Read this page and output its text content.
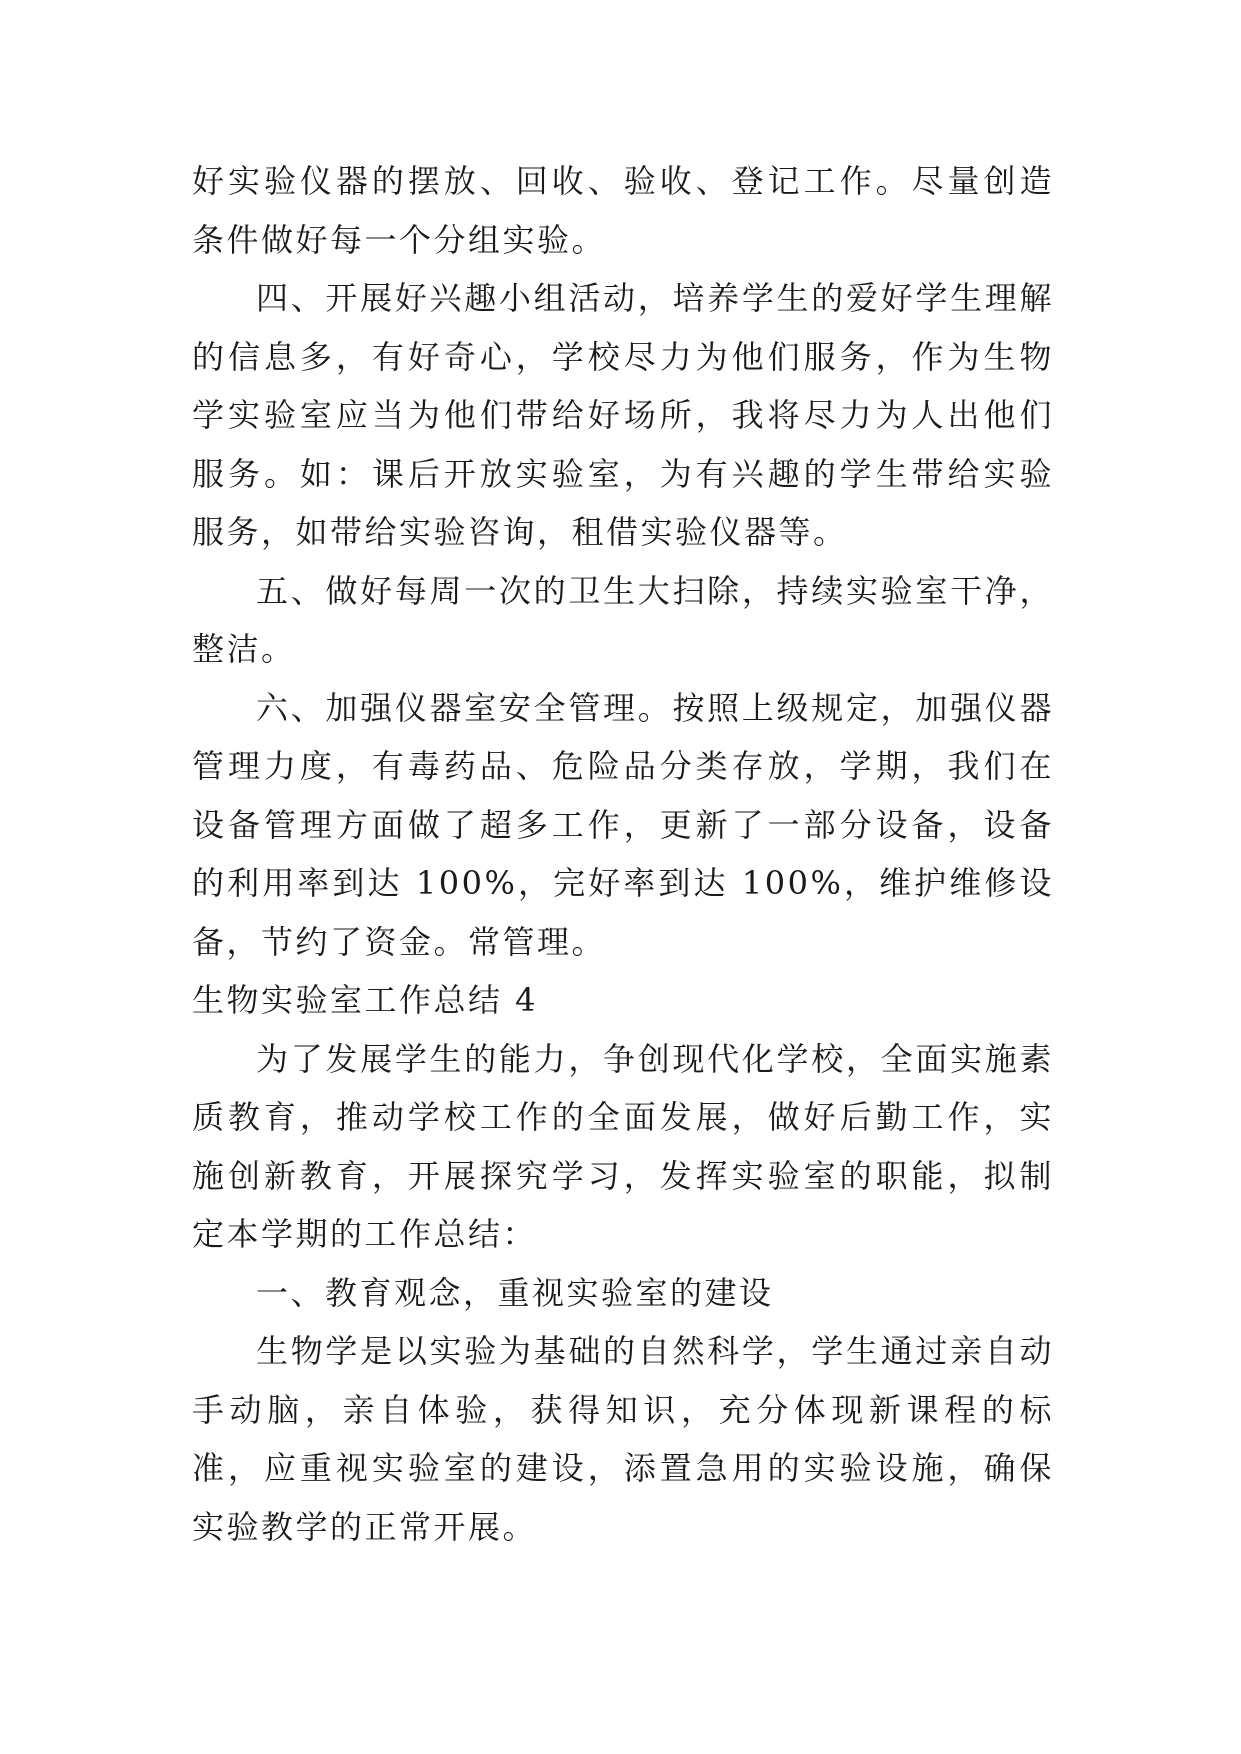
好实验仪器的摆放、回收、验收、登记工作。尽量创造条件做好每一个分组实验。

四、开展好兴趣小组活动，培养学生的爱好学生理解的信息多，有好奇心，学校尽力为他们服务，作为生物学实验室应当为他们带给好场所，我将尽力为人出他们服务。如：课后开放实验室，为有兴趣的学生带给实验服务，如带给实验咨询，租借实验仪器等。

五、做好每周一次的卫生大扫除，持续实验室干净，整洁。

六、加强仪器室安全管理。按照上级规定，加强仪器管理力度，有毒药品、危险品分类存放，学期，我们在设备管理方面做了超多工作，更新了一部分设备，设备的利用率到达 100%，完好率到达 100%，维护维修设备，节约了资金。常管理。

生物实验室工作总结 4

为了发展学生的能力，争创现代化学校，全面实施素质教育，推动学校工作的全面发展，做好后勤工作，实施创新教育，开展探究学习，发挥实验室的职能，拟制定本学期的工作总结：

一、教育观念，重视实验室的建设

生物学是以实验为基础的自然科学，学生通过亲自动手动脑，亲自体验，获得知识，充分体现新课程的标准，应重视实验室的建设，添置急用的实验设施，确保实验教学的正常开展。
